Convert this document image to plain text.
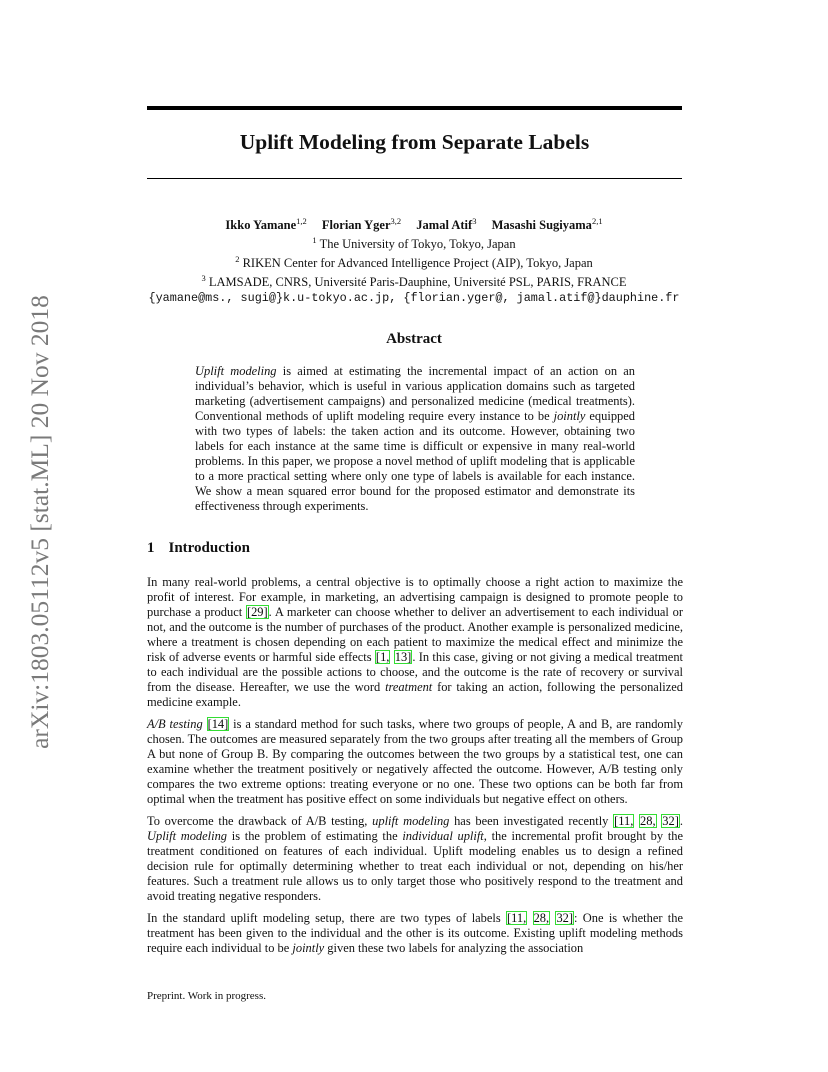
arXiv:1803.05112v5 [stat.ML] 20 Nov 2018
Uplift Modeling from Separate Labels
Ikko Yamane$^{1,2}$ Florian Yger$^{3,2}$ Jamal Atif$^3$ Masashi Sugiyama$^{2,1}$
$^1$ The University of Tokyo, Tokyo, Japan
$^2$ RIKEN Center for Advanced Intelligence Project (AIP), Tokyo, Japan
$^3$ LAMSADE, CNRS, Université Paris-Dauphine, Université PSL, PARIS, FRANCE
{yamane@ms., sugi@}k.u-tokyo.ac.jp, {florian.yger@, jamal.atif@}dauphine.fr
Abstract
Uplift modeling is aimed at estimating the incremental impact of an action on an individual’s behavior, which is useful in various application domains such as targeted marketing (advertisement campaigns) and personalized medicine (medical treatments). Conventional methods of uplift modeling require every instance to be jointly equipped with two types of labels: the taken action and its outcome. However, obtaining two labels for each instance at the same time is difficult or expensive in many real-world problems. In this paper, we propose a novel method of uplift modeling that is applicable to a more practical setting where only one type of labels is available for each instance. We show a mean squared error bound for the proposed estimator and demonstrate its effectiveness through experiments.
1 Introduction

In many real-world problems, a central objective is to optimally choose a right action to maximize the profit of interest. For example, in marketing, an advertising campaign is designed to promote people to purchase a product [29]. A marketer can choose whether to deliver an advertisement to each individual or not, and the outcome is the number of purchases of the product. Another example is personalized medicine, where a treatment is chosen depending on each patient to maximize the medical effect and minimize the risk of adverse events or harmful side effects [1, 13]. In this case, giving or not giving a medical treatment to each individual are the possible actions to choose, and the outcome is the rate of recovery or survival from the disease. Hereafter, we use the word treatment for taking an action, following the personalized medicine example.

A/B testing [14] is a standard method for such tasks, where two groups of people, A and B, are randomly chosen. The outcomes are measured separately from the two groups after treating all the members of Group A but none of Group B. By comparing the outcomes between the two groups by a statistical test, one can examine whether the treatment positively or negatively affected the outcome. However, A/B testing only compares the two extreme options: treating everyone or no one. These two options can be both far from optimal when the treatment has positive effect on some individuals but negative effect on others.

To overcome the drawback of A/B testing, uplift modeling has been investigated recently [11, 28, 32]. Uplift modeling is the problem of estimating the individual uplift, the incremental profit brought by the treatment conditioned on features of each individual. Uplift modeling enables us to design a refined decision rule for optimally determining whether to treat each individual or not, depending on his/her features. Such a treatment rule allows us to only target those who positively respond to the treatment and avoid treating negative responders.

In the standard uplift modeling setup, there are two types of labels [11, 28, 32]: One is whether the treatment has been given to the individual and the other is its outcome. Existing uplift modeling methods require each individual to be jointly given these two labels for analyzing the association

Preprint. Work in progress.
